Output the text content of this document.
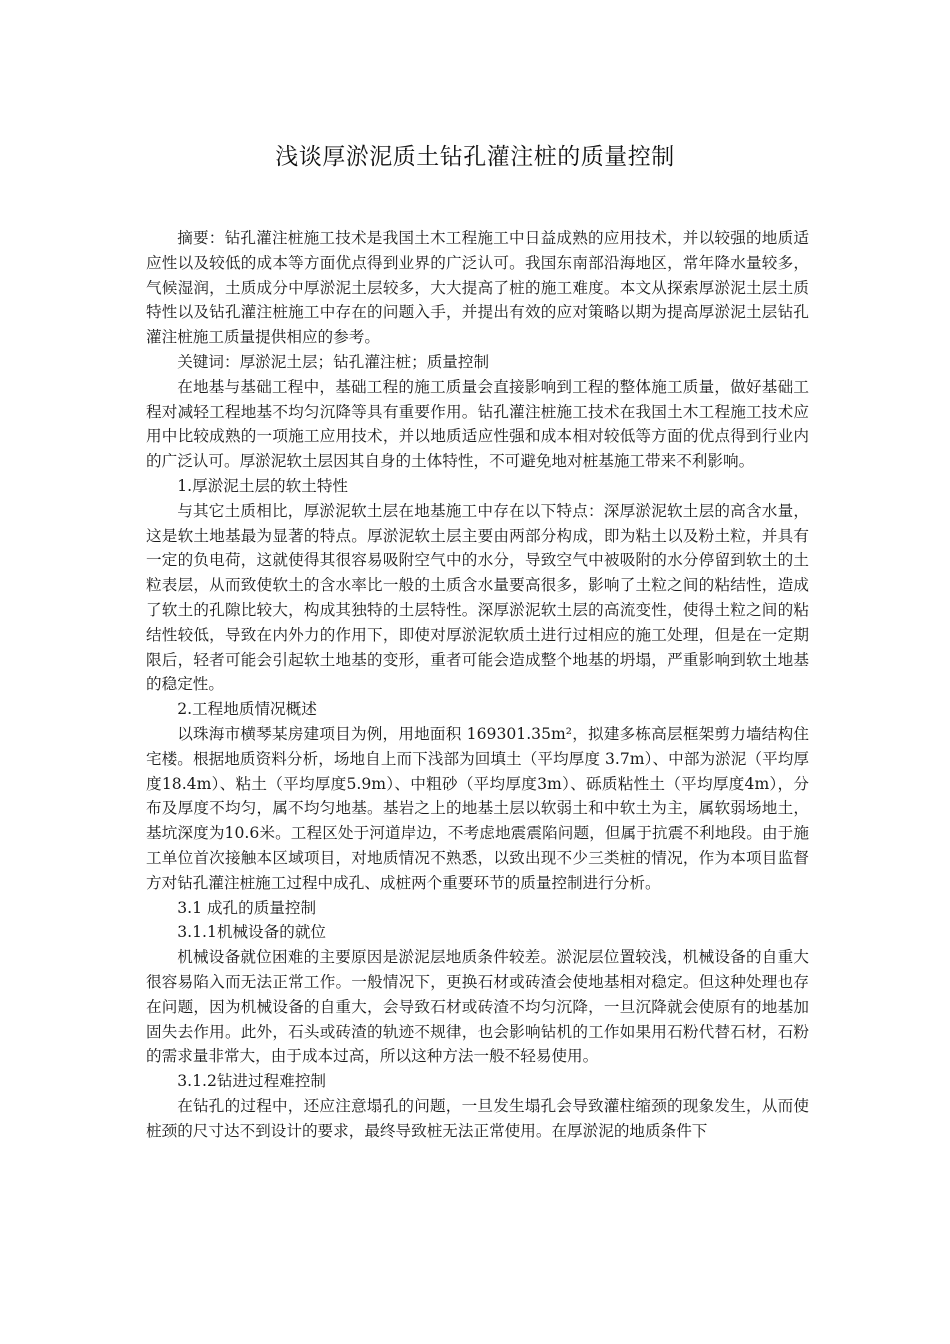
浅谈厚淤泥质土钻孔灌注桩的质量控制

摘要：钻孔灌注桩施工技术是我国土木工程施工中日益成熟的应用技术，并以较强的地质适应性以及较低的成本等方面优点得到业界的广泛认可。我国东南部沿海地区，常年降水量较多，气候湿润，土质成分中厚淤泥土层较多，大大提高了桩的施工难度。本文从探索厚淤泥土层土质特性以及钻孔灌注桩施工中存在的问题入手，并提出有效的应对策略以期为提高厚淤泥土层钻孔灌注桩施工质量提供相应的参考。

关键词：厚淤泥土层；钻孔灌注桩；质量控制

在地基与基础工程中，基础工程的施工质量会直接影响到工程的整体施工质量，做好基础工程对减轻工程地基不均匀沉降等具有重要作用。钻孔灌注桩施工技术在我国土木工程施工技术应用中比较成熟的一项施工应用技术，并以地质适应性强和成本相对较低等方面的优点得到行业内的广泛认可。厚淤泥软土层因其自身的土体特性，不可避免地对桩基施工带来不利影响。

1.厚淤泥土层的软土特性

与其它土质相比，厚淤泥软土层在地基施工中存在以下特点：深厚淤泥软土层的高含水量，这是软土地基最为显著的特点。厚淤泥软土层主要由两部分构成，即为粘土以及粉土粒，并具有一定的负电荷，这就使得其很容易吸附空气中的水分，导致空气中被吸附的水分停留到软土的土粒表层，从而致使软土的含水率比一般的土质含水量要高很多，影响了土粒之间的粘结性，造成了软土的孔隙比较大，构成其独特的土层特性。深厚淤泥软土层的高流变性，使得土粒之间的粘结性较低，导致在内外力的作用下，即使对厚淤泥软质土进行过相应的施工处理，但是在一定期限后，轻者可能会引起软土地基的变形，重者可能会造成整个地基的坍塌，严重影响到软土地基的稳定性。

2.工程地质情况概述

以珠海市横琴某房建项目为例，用地面积 169301.35m²，拟建多栋高层框架剪力墙结构住宅楼。根据地质资料分析，场地自上而下浅部为回填土（平均厚度 3.7m）、中部为淤泥（平均厚度18.4m）、粘土（平均厚度5.9m）、中粗砂（平均厚度3m）、砾质粘性土（平均厚度4m），分布及厚度不均匀，属不均匀地基。基岩之上的地基土层以软弱土和中软土为主，属软弱场地土，基坑深度为10.6米。工程区处于河道岸边，不考虑地震震陷问题，但属于抗震不利地段。由于施工单位首次接触本区域项目，对地质情况不熟悉，以致出现不少三类桩的情况，作为本项目监督方对钻孔灌注桩施工过程中成孔、成桩两个重要环节的质量控制进行分析。

3.1 成孔的质量控制

3.1.1机械设备的就位

机械设备就位困难的主要原因是淤泥层地质条件较差。淤泥层位置较浅，机械设备的自重大很容易陷入而无法正常工作。一般情况下，更换石材或砖渣会使地基相对稳定。但这种处理也存在问题，因为机械设备的自重大，会导致石材或砖渣不均匀沉降，一旦沉降就会使原有的地基加固失去作用。此外，石头或砖渣的轨迹不规律，也会影响钻机的工作如果用石粉代替石材，石粉的需求量非常大，由于成本过高，所以这种方法一般不轻易使用。

3.1.2钻进过程难控制

在钻孔的过程中，还应注意塌孔的问题，一旦发生塌孔会导致灌柱缩颈的现象发生，从而使桩颈的尺寸达不到设计的要求，最终导致桩无法正常使用。在厚淤泥的地质条件下
